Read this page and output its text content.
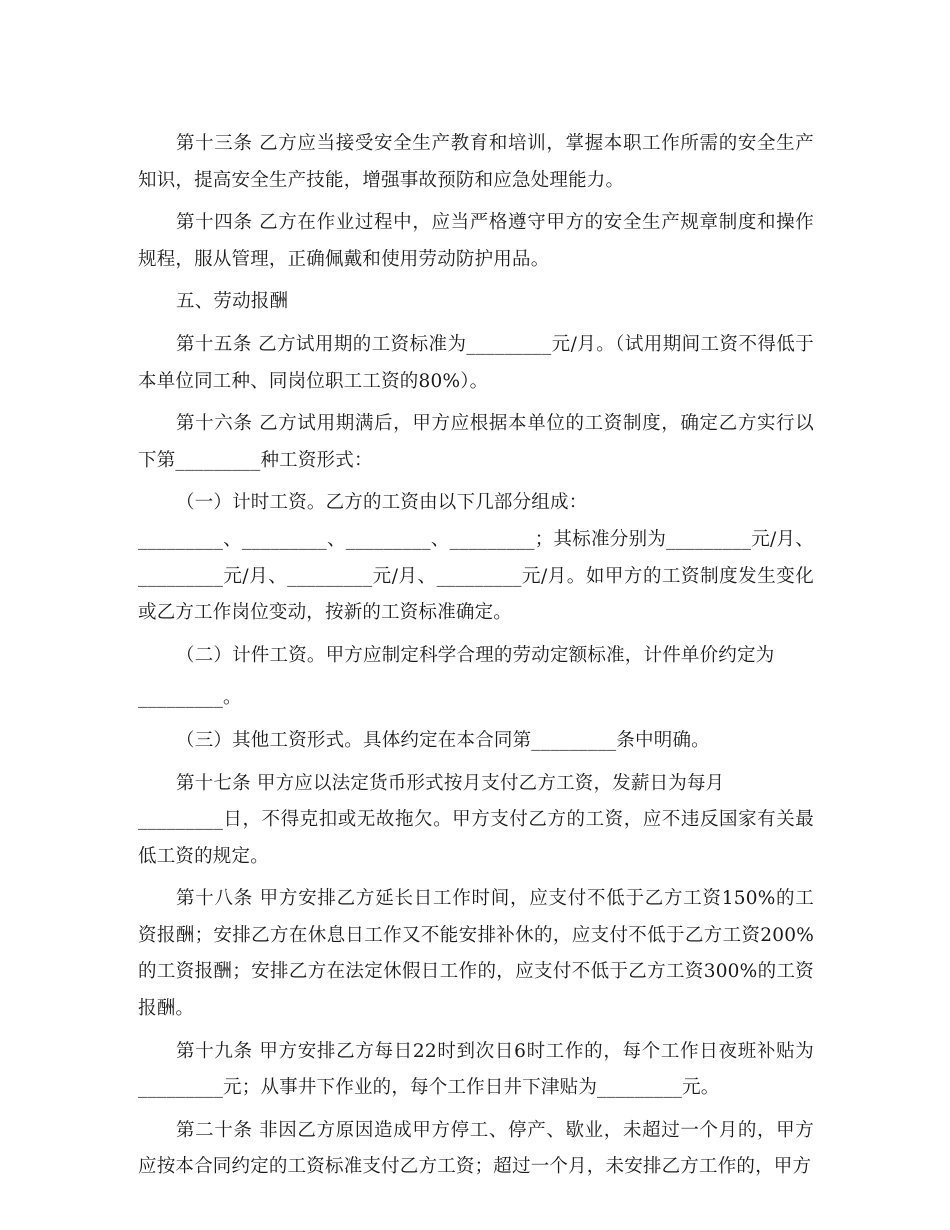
第十三条 乙方应当接受安全生产教育和培训，掌握本职工作所需的安全生产知识，提高安全生产技能，增强事故预防和应急处理能力。

第十四条 乙方在作业过程中，应当严格遵守甲方的安全生产规章制度和操作规程，服从管理，正确佩戴和使用劳动防护用品。

五、劳动报酬

第十五条 乙方试用期的工资标准为_________元/月。（试用期间工资不得低于本单位同工种、同岗位职工工资的80%）。

第十六条 乙方试用期满后，甲方应根据本单位的工资制度，确定乙方实行以下第_________种工资形式：

（一）计时工资。乙方的工资由以下几部分组成：

_________、_________、_________、_________；其标准分别为_________元/月、_________元/月、_________元/月、_________元/月。如甲方的工资制度发生变化或乙方工作岗位变动，按新的工资标准确定。

（二）计件工资。甲方应制定科学合理的劳动定额标准，计件单价约定为

_________。

（三）其他工资形式。具体约定在本合同第_________条中明确。

第十七条 甲方应以法定货币形式按月支付乙方工资，发薪日为每月

_________日，不得克扣或无故拖欠。甲方支付乙方的工资，应不违反国家有关最低工资的规定。

第十八条 甲方安排乙方延长日工作时间，应支付不低于乙方工资150%的工资报酬；安排乙方在休息日工作又不能安排补休的，应支付不低于乙方工资200%的工资报酬；安排乙方在法定休假日工作的，应支付不低于乙方工资300%的工资报酬。

第十九条 甲方安排乙方每日22时到次日6时工作的，每个工作日夜班补贴为_________元；从事井下作业的，每个工作日井下津贴为_________元。

第二十条 非因乙方原因造成甲方停工、停产、歇业，未超过一个月的，甲方应按本合同约定的工资标准支付乙方工资；超过一个月，未安排乙方工作的，甲方
